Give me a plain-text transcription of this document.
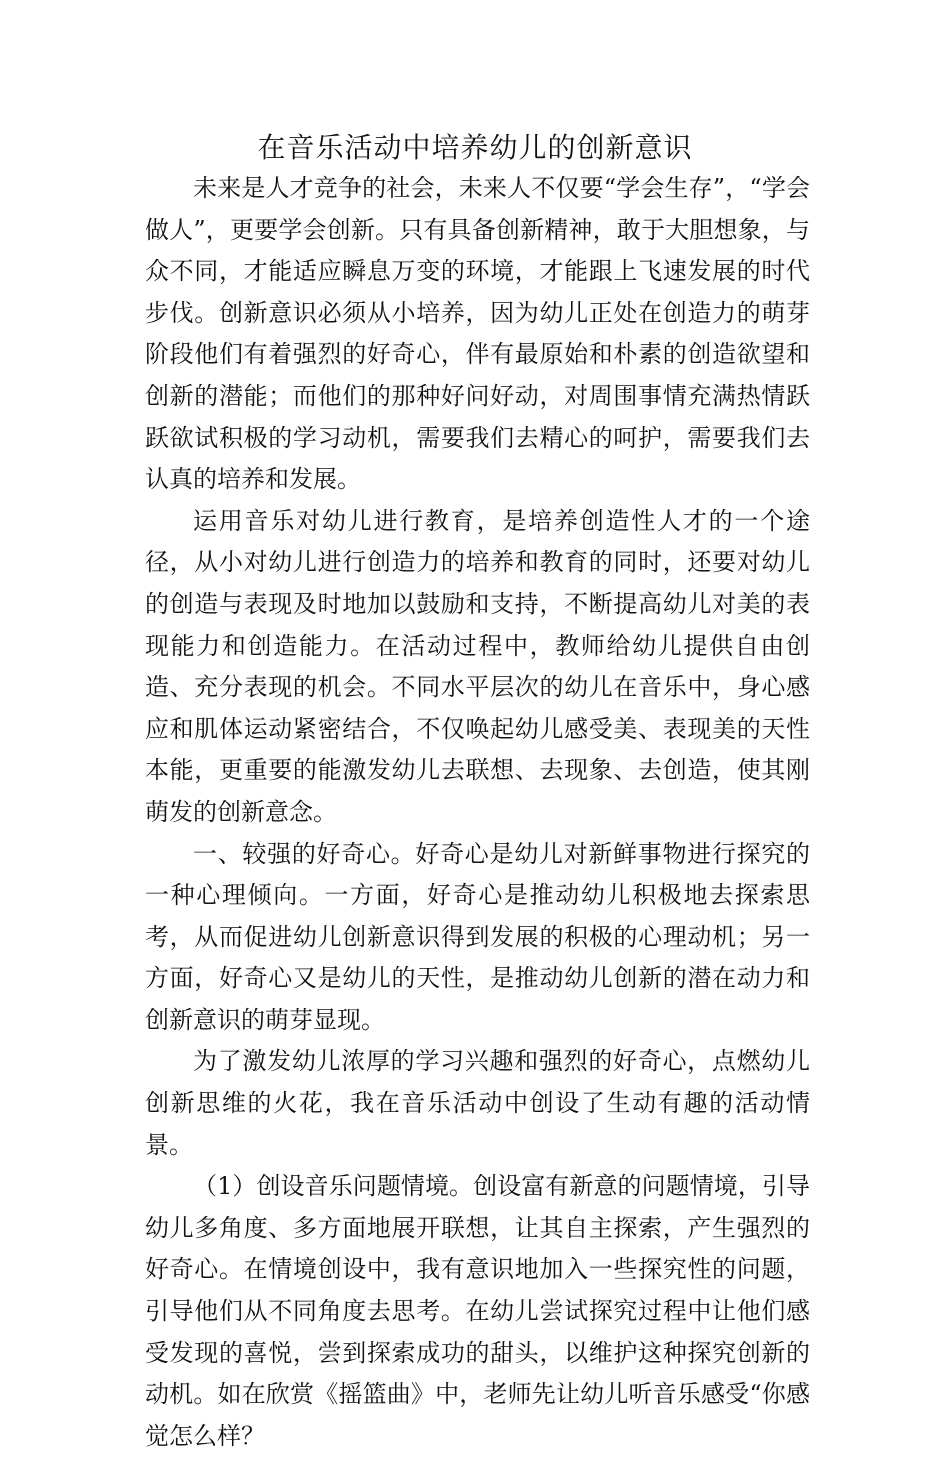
在音乐活动中培养幼儿的创新意识

未来是人才竞争的社会，未来人不仅要“学会生存”，“学会做人”，更要学会创新。只有具备创新精神，敢于大胆想象，与众不同，才能适应瞬息万变的环境，才能跟上飞速发展的时代步伐。创新意识必须从小培养，因为幼儿正处在创造力的萌芽阶段他们有着强烈的好奇心，伴有最原始和朴素的创造欲望和创新的潜能；而他们的那种好问好动，对周围事情充满热情跃跃欲试积极的学习动机，需要我们去精心的呵护，需要我们去认真的培养和发展。

运用音乐对幼儿进行教育，是培养创造性人才的一个途径，从小对幼儿进行创造力的培养和教育的同时，还要对幼儿的创造与表现及时地加以鼓励和支持，不断提高幼儿对美的表现能力和创造能力。在活动过程中，教师给幼儿提供自由创造、充分表现的机会。不同水平层次的幼儿在音乐中，身心感应和肌体运动紧密结合，不仅唤起幼儿感受美、表现美的天性本能，更重要的能激发幼儿去联想、去现象、去创造，使其刚萌发的创新意念。

一、较强的好奇心。好奇心是幼儿对新鲜事物进行探究的一种心理倾向。一方面，好奇心是推动幼儿积极地去探索思考，从而促进幼儿创新意识得到发展的积极的心理动机；另一方面，好奇心又是幼儿的天性，是推动幼儿创新的潜在动力和创新意识的萌芽显现。

为了激发幼儿浓厚的学习兴趣和强烈的好奇心，点燃幼儿创新思维的火花，我在音乐活动中创设了生动有趣的活动情景。

（1）创设音乐问题情境。创设富有新意的问题情境，引导幼儿多角度、多方面地展开联想，让其自主探索，产生强烈的好奇心。在情境创设中，我有意识地加入一些探究性的问题，引导他们从不同角度去思考。在幼儿尝试探究过程中让他们感受发现的喜悦，尝到探索成功的甜头，以维护这种探究创新的动机。如在欣赏《摇篮曲》中，老师先让幼儿听音乐感受“你感觉怎么样？
